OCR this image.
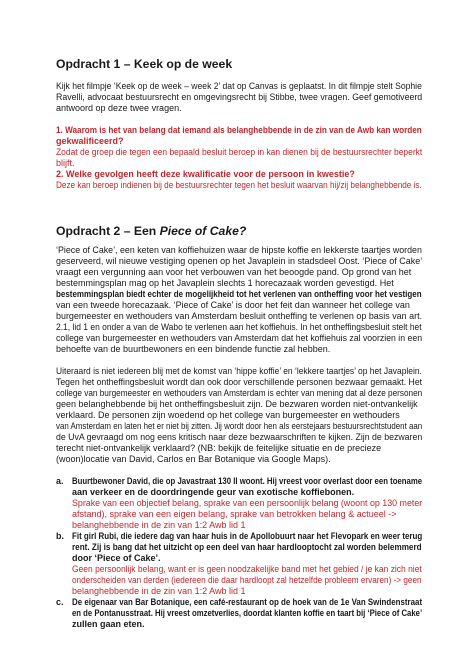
Opdracht 1 – Keek op de week
Kijk het filmpje ‘Keek op de week – week 2’ dat op Canvas is geplaatst. In dit filmpje stelt Sophie
Ravelli, advocaat bestuursrecht en omgevingsrecht bij Stibbe, twee vragen. Geef gemotiveerd
antwoord op deze twee vragen.
1. Waarom is het van belang dat iemand als belanghebbende in de zin van de Awb kan worden
gekwalificeerd?
Zodat de groep die tegen een bepaald besluit beroep in kan dienen bij de bestuursrechter beperkt
blijft.
2. Welke gevolgen heeft deze kwalificatie voor de persoon in kwestie?
Deze kan beroep indienen bij de bestuursrechter tegen het besluit waarvan hij/zij belanghebbende is.
Opdracht 2 – Een Piece of Cake?
‘Piece of Cake’, een keten van koffiehuizen waar de hipste koffie en lekkerste taartjes worden
geserveerd, wil nieuwe vestiging openen op het Javaplein in stadsdeel Oost. ‘Piece of Cake’
vraagt een vergunning aan voor het verbouwen van het beoogde pand. Op grond van het
bestemmingsplan mag op het Javaplein slechts 1 horecazaak worden gevestigd. Het
bestemmingsplan biedt echter de mogelijkheid tot het verlenen van ontheffing voor het vestigen
van een tweede horecazaak. ‘Piece of Cake’ is door het feit dan wanneer het college van
burgemeester en wethouders van Amsterdam besluit ontheffing te verlenen op basis van art.
2.1, lid 1 en onder a van de Wabo te verlenen aan het koffiehuis. In het ontheffingsbesluit stelt het
college van burgemeester en wethouders van Amsterdam dat het koffiehuis zal voorzien in een
behoefte van de buurtbewoners en een bindende functie zal hebben.
Uiteraard is niet iedereen blij met de komst van ‘hippe koffie’ en ‘lekkere taartjes’ op het Javaplein.
Tegen het ontheffingsbesluit wordt dan ook door verschillende personen bezwaar gemaakt. Het
college van burgemeester en wethouders van Amsterdam is echter van mening dat al deze personen
geen belanghebbende bij het ontheffingsbesluit zijn. De bezwaren worden niet-ontvankelijk
verklaard. De personen zijn woedend op het college van burgemeester en wethouders
van Amsterdam en laten het er niet bij zitten. Jij wordt door hen als eerstejaars bestuursrechtstudent aan
de UvA gevraagd om nog eens kritisch naar deze bezwaarschriften te kijken. Zijn de bezwaren
terecht niet-ontvankelijk verklaard? (NB: bekijk de feitelijke situatie en de precieze
(woon)locatie van David, Carlos en Bar Botanique via Google Maps).
a. Buurtbewoner David, die op Javastraat 130 II woont. Hij vreest voor overlast door een toename
aan verkeer en de doordringende geur van exotische koffiebonen.
Sprake van een objectief belang, sprake van een persoonlijk belang (woont op 130 meter
afstand), sprake van een eigen belang, sprake van betrokken belang & actueel ->
belanghebbende in de zin van 1:2 Awb lid 1
b. Fit girl Rubi, die iedere dag van haar huis in de Apollobuurt naar het Flevopark en weer terug
rent. Zij is bang dat het uitzicht op een deel van haar hardlooptocht zal worden belemmerd
door ‘Piece of Cake’.
Geen persoonlijk belang, want er is geen noodzakelijke band met het gebied / je kan zich niet
onderscheiden van derden (iedereen die daar hardloopt zal hetzelfde probleem ervaren) -> geen
belanghebbende in de zin van 1:2 Awb lid 1
c. De eigenaar van Bar Botanique, een café-restaurant op de hoek van de 1e Van Swindenstraat
en de Pontanusstraat. Hij vreest omzetverlies, doordat klanten koffie en taart bij ‘Piece of Cake’
zullen gaan eten.
